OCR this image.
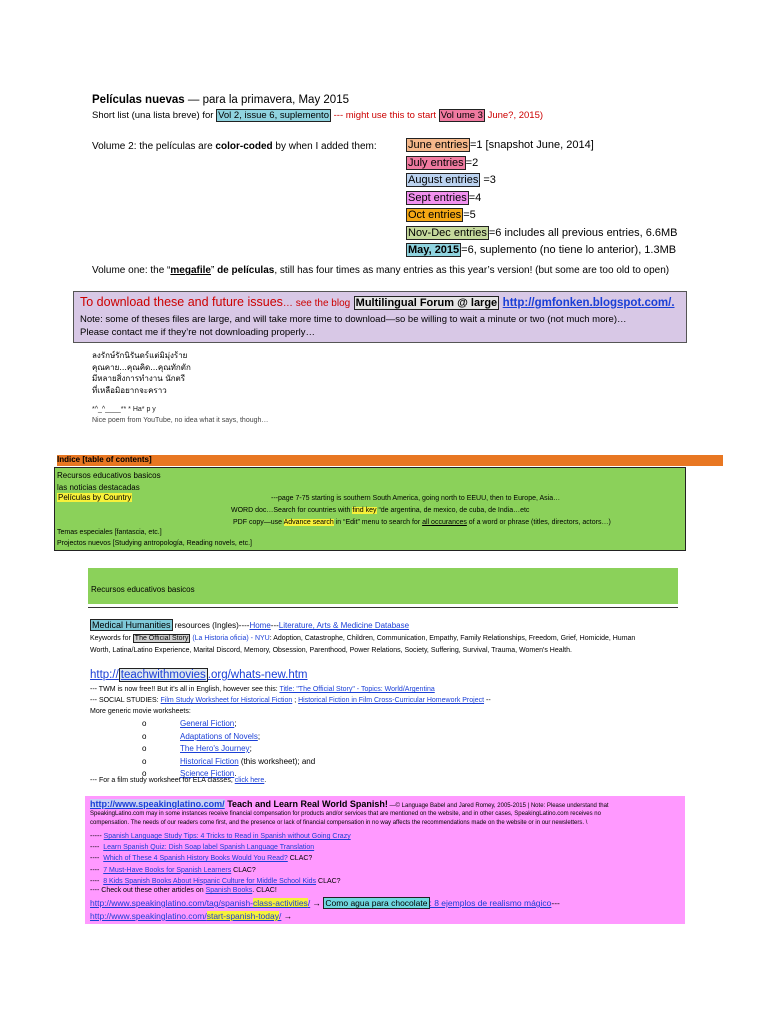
Películas nuevas — para la primavera, May 2015
Short list (una lista breve) for Vol 2, issue 6, suplemento --- might use this to start Vol ume 3 June?, 2015)
Volume 2: the películas are color-coded by when I added them:	June entries =1 [snapshot June, 2014]
July entries =2
August entries =3
Sept entries =4
Oct entries =5
Nov-Dec entries =6 includes all previous entries, 6.6MB
May, 2015 =6, suplemento (no tiene lo anterior), 1.3MB
Volume one: the “megafile” de películas, still has four times as many entries as this year’s version! (but some are too old to open)
To download these and future issues… see the blog Multilingual Forum @ large http://gmfonken.blogspot.com/.
Note: some of theses files are large, and will take more time to download—so be willing to wait a minute or two (not much more)…
Please contact me if they’re not downloading properly…
ลงรักษ์รักนิรันดร์แต่มิมุ่งร้าย
คุณคาย...คุณคิด...คุณทักตัก
มีหลายสิ่งการทำงาน นักตรี
ที่เหลือมิอยากจะคราว
*^_^____** * Ha* p y
Nice poem from YouTube, no idea what it says, though…
Indice [table of contents]
Recursos educativos basicos
las noticias destacadas
Películas by Country	---page 7-75 starting is southern South America, going north to EEUU, then to Europe, Asia…
WORD doc…Search for countries with find key “de argentina, de mexico, de cuba, de India…etc
PDF copy—use Advance search in “Edit” menu to search for all occurances of a word or phrase (titles, directors, actors…)
Temas especiales [fantascia, etc.]
Projectos nuevos [Studying antropología, Reading novels, etc.]
Recursos educativos basicos
Medical Humanities resources (Ingles)----Home---Literature, Arts & Medicine Database
Keywords for The Official Story (La Historia oficia) - NYU: Adoption, Catastrophe, Children, Communication, Empathy, Family Relationships, Freedom, Grief, Homicide, Human
Worth, Latina/Latino Experience, Marital Discord, Memory, Obsession, Parenthood, Power Relations, Society, Suffering, Survival, Trauma, Women's Health.
http:// teachwithmovies .org/whats-new.htm
--- TWM is now free!! But it’s all in English, however see this: Title: "The Official Story" - Topics: World/Argentina
--- SOCIAL STUDIES: Film Study Worksheet for Historical Fiction ; Historical Fiction in Film Cross-Curricular Homework Project --
More generic movie worksheets:
o	General Fiction;
o	Adaptations of Novels;
o	The Hero's Journey;
o	Historical Fiction (this worksheet); and
o	Science Fiction.
--- For a film study worksheet for ELA classes, click here.
http://www.speakinglatino.com/ Teach and Learn Real World Spanish! —© Language Babel and Jared Romey, 2005-2015 | Note: Please understand that
SpeakingLatino.com may in some instances receive financial compensation for products and/or services that are mentioned on the website, and in other cases, SpeakingLatino.com receives no
compensation. The needs of our readers come first, and the presence or lack of financial compensation in no way affects the recommendations made on the website or in our newsletters. \
----- Spanish Language Study Tips: 4 Tricks to Read in Spanish without Going Crazy
----  Learn Spanish Quiz: Dish Soap label Spanish Language Translation
----  Which of These 4 Spanish History Books Would You Read? CLAC?
----  7 Must-Have Books for Spanish Learners CLAC?
----  8 Kids Spanish Books About Hispanic Culture for Middle School Kids CLAC?
---- Check out these other articles on Spanish Books. CLAC!
http://www.speakinglatino.com/tag/spanish-class-activities/ → Como agua para chocolate : 8 ejemplos de realismo mágico---
http://www.speakinglatino.com/start-spanish-today/ →
